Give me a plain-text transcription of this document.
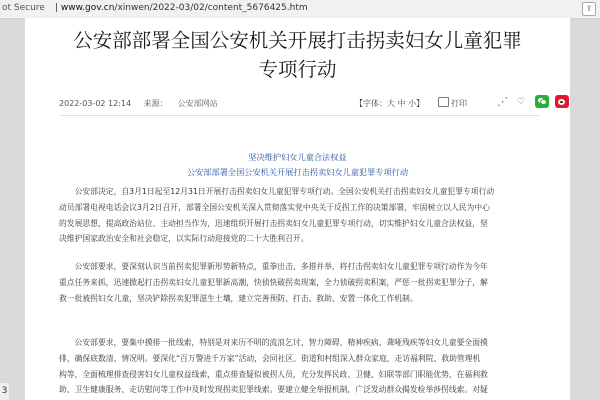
ot Secure | www.gov.cn/xinwen/2022-03/02/content_5676425.htm	⇪
公安部部署全国公安机关开展打击拐卖妇女儿童犯罪
专项行动
2022-03-02 12:14 来源： 公安部网站	【字体：大 中 小】	打印	⋰ ♡
坚决维护妇女儿童合法权益
公安部部署全国公安机关开展打击拐卖妇女儿童犯罪专项行动
　　公安部决定，自3月1日起至12月31日开展打击拐卖妇女儿童犯罪专项行动。全国公安机关打击拐卖妇女儿童犯罪专项行动
动员部署电视电话会议3月2日召开，部署全国公安机关深入贯彻落实党中央关于反拐工作的决策部署，牢固树立以人民为中心
的发展思想，提高政治站位、主动担当作为，迅速组织开展打击拐卖妇女儿童犯罪专项行动，切实维护妇女儿童合法权益，坚
决维护国家政治安全和社会稳定，以实际行动迎接党的二十大胜利召开。
　　公安部要求，要深刻认识当前拐卖犯罪新形势新特点，重拳出击、多措并举，将打击拐卖妇女儿童犯罪专项行动作为今年
重点任务来抓，迅速掀起打击拐卖妇女儿童犯罪新高潮，快侦快破拐卖现案，全力侦破拐卖积案，严惩一批拐卖犯罪分子，解
救一批被拐妇女儿童，坚决铲除拐卖犯罪滋生土壤，建立完善预防、打击、救助、安置一体化工作机制。
　　公安部要求，要集中摸排一批线索，特别是对来历不明的流浪乞讨、智力障碍、精神疾病、聋哑残疾等妇女儿童要全面摸
排，确保底数清、情况明。要深化“百万警进千万家”活动，会同社区、街道和村组深入群众家庭，走访福利院、救助管理机
构等，全面梳理排查侵害妇女儿童权益线索，重点排查疑似被拐人员，充分发挥民政、卫健、妇联等部门职能优势，在福利救
助、卫生健康服务、走访慰问等工作中及时发现拐卖犯罪线索。要建立健全举报机制，广泛发动群众揭发检举涉拐线索。对疑
3
